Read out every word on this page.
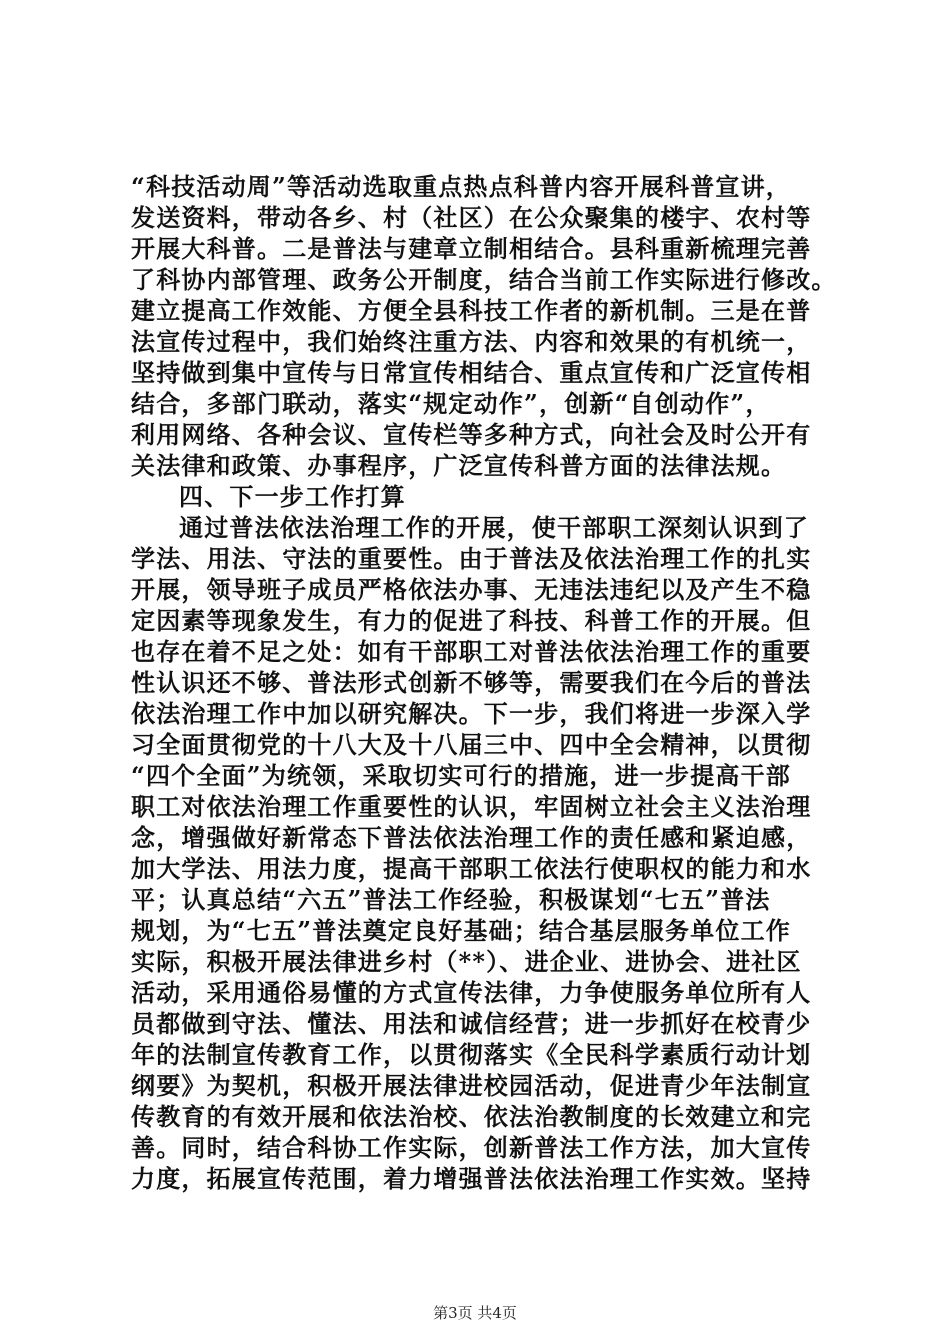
“科技活动周”等活动选取重点热点科普内容开展科普宣讲，
发送资料，带动各乡、村（社区）在公众聚集的楼宇、农村等
开展大科普。二是普法与建章立制相结合。县科重新梳理完善
了科协内部管理、政务公开制度，结合当前工作实际进行修改。
建立提高工作效能、方便全县科技工作者的新机制。三是在普
法宣传过程中，我们始终注重方法、内容和效果的有机统一，
坚持做到集中宣传与日常宣传相结合、重点宣传和广泛宣传相
结合，多部门联动，落实“规定动作”，创新“自创动作”，
利用网络、各种会议、宣传栏等多种方式，向社会及时公开有
关法律和政策、办事程序，广泛宣传科普方面的法律法规。
四、下一步工作打算
通过普法依法治理工作的开展，使干部职工深刻认识到了
学法、用法、守法的重要性。由于普法及依法治理工作的扎实
开展，领导班子成员严格依法办事、无违法违纪以及产生不稳
定因素等现象发生，有力的促进了科技、科普工作的开展。但
也存在着不足之处：如有干部职工对普法依法治理工作的重要
性认识还不够、普法形式创新不够等，需要我们在今后的普法
依法治理工作中加以研究解决。下一步，我们将进一步深入学
习全面贯彻党的十八大及十八届三中、四中全会精神，以贯彻
“四个全面”为统领，采取切实可行的措施，进一步提高干部
职工对依法治理工作重要性的认识，牢固树立社会主义法治理
念，增强做好新常态下普法依法治理工作的责任感和紧迫感，
加大学法、用法力度，提高干部职工依法行使职权的能力和水
平；认真总结“六五”普法工作经验，积极谋划“七五”普法
规划，为“七五”普法奠定良好基础；结合基层服务单位工作
实际，积极开展法律进乡村（**）、进企业、进协会、进社区
活动，采用通俗易懂的方式宣传法律，力争使服务单位所有人
员都做到守法、懂法、用法和诚信经营；进一步抓好在校青少
年的法制宣传教育工作，以贯彻落实《全民科学素质行动计划
纲要》为契机，积极开展法律进校园活动，促进青少年法制宣
传教育的有效开展和依法治校、依法治教制度的长效建立和完
善。同时，结合科协工作实际，创新普法工作方法，加大宣传
力度，拓展宣传范围，着力增强普法依法治理工作实效。坚持
第3页 共4页
